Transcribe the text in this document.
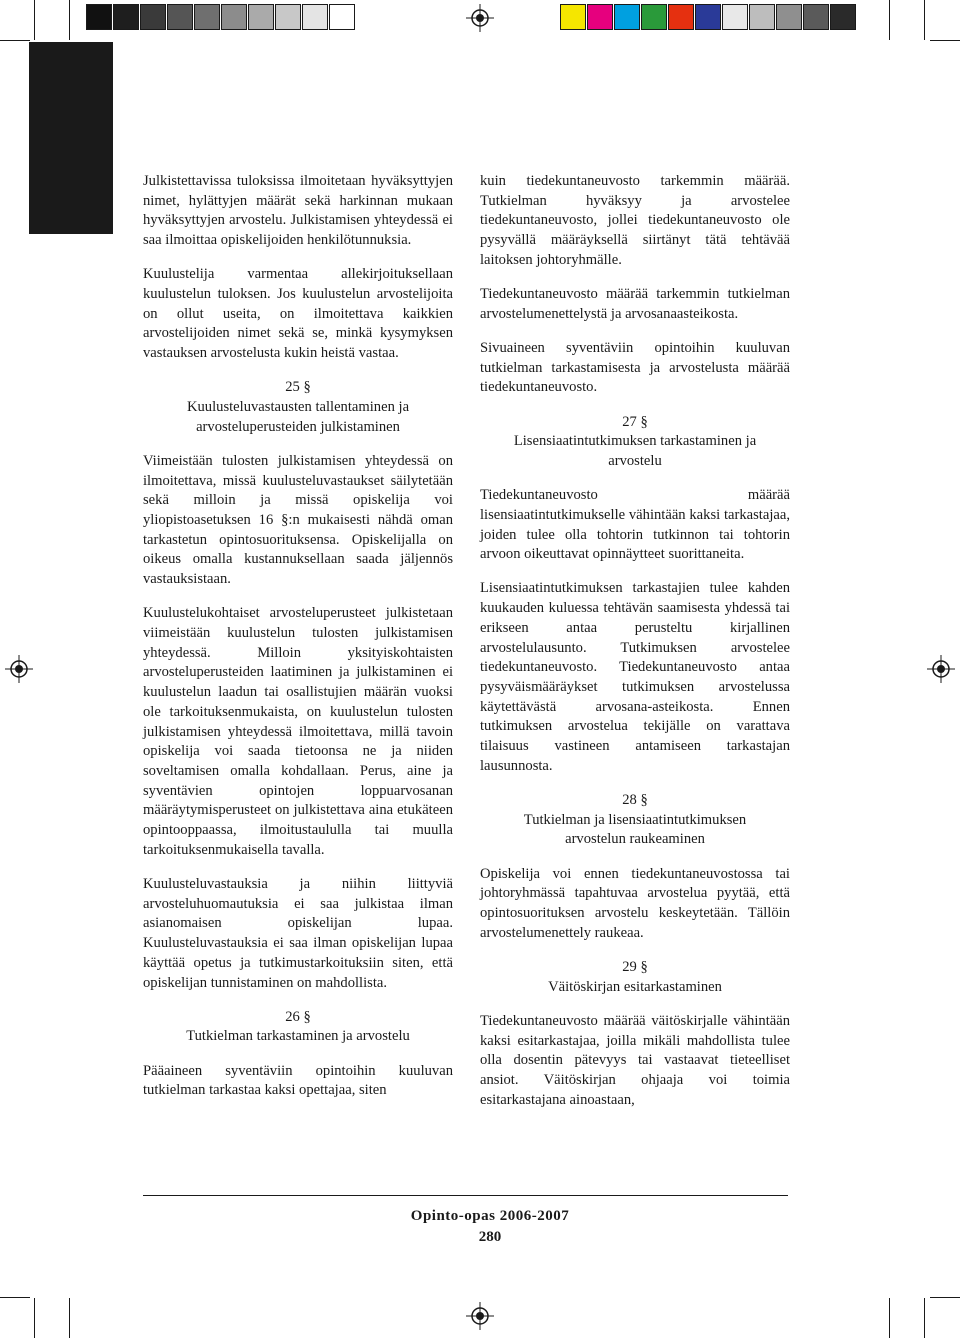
Julkistettavissa tuloksissa ilmoitetaan hyväksyttyjen nimet, hylättyjen määrät sekä harkinnan mukaan hyväksyttyjen arvostelu. Julkistamisen yhteydessä ei saa ilmoittaa opiskelijoiden henkilötunnuksia.

Kuulustelija varmentaa allekirjoituksellaan kuulustelun tuloksen. Jos kuulustelun arvostelijoita on ollut useita, on ilmoitettava kaikkien arvostelijoiden nimet sekä se, minkä kysymyksen vastauksen arvostelusta kukin heistä vastaa.

25 §
Kuulusteluvastausten tallentaminen ja
arvosteluperusteiden julkistaminen

Viimeistään tulosten julkistamisen yhteydessä on ilmoitettava, missä kuulusteluvastaukset säilytetään sekä milloin ja missä opiskelija voi yliopistoasetuksen 16 §:n mukaisesti nähdä oman tarkastetun opintosuorituksensa. Opiskelijalla on oikeus omalla kustannuksellaan saada jäljennös vastauksistaan.

Kuulustelukohtaiset arvosteluperusteet julkistetaan viimeistään kuulustelun tulosten julkistamisen yhteydessä. Milloin yksityiskohtaisten arvosteluperusteiden laatiminen ja julkistaminen ei kuulustelun laadun tai osallistujien määrän vuoksi ole tarkoituksenmukaista, on kuulustelun tulosten julkistamisen yhteydessä ilmoitettava, millä tavoin opiskelija voi saada tietoonsa ne ja niiden soveltamisen omalla kohdallaan. Perus, aine ja syventävien opintojen loppuarvosanan määräytymisperusteet on julkistettava aina etukäteen opintooppaassa, ilmoitustaululla tai muulla tarkoituksenmukaisella tavalla.

Kuulusteluvastauksia ja niihin liittyviä arvosteluhuomautuksia ei saa julkistaa ilman asianomaisen opiskelijan lupaa. Kuulusteluvastauksia ei saa ilman opiskelijan lupaa käyttää opetus ja tutkimustarkoituksiin siten, että opiskelijan tunnistaminen on mahdollista.

26 §
Tutkielman tarkastaminen ja arvostelu

Pääaineen syventäviin opintoihin kuuluvan tutkielman tarkastaa kaksi opettajaa, siten

kuin tiedekuntaneuvosto tarkemmin määrää. Tutkielman hyväksyy ja arvostelee tiedekuntaneuvosto, jollei tiedekuntaneuvosto ole pysyvällä määräyksellä siirtänyt tätä tehtävää laitoksen johtoryhmälle.

Tiedekuntaneuvosto määrää tarkemmin tutkielman arvostelumenettelystä ja arvosanaasteikosta.

Sivuaineen syventäviin opintoihin kuuluvan tutkielman tarkastamisesta ja arvostelusta määrää tiedekuntaneuvosto.

27 §
Lisensiaatintutkimuksen tarkastaminen ja
arvostelu

Tiedekuntaneuvosto määrää lisensiaatintutkimukselle vähintään kaksi tarkastajaa, joiden tulee olla tohtorin tutkinnon tai tohtorin arvoon oikeuttavat opinnäytteet suorittaneita.

Lisensiaatintutkimuksen tarkastajien tulee kahden kuukauden kuluessa tehtävän saamisesta yhdessä tai erikseen antaa perusteltu kirjallinen arvostelulausunto. Tutkimuksen arvostelee tiedekuntaneuvosto. Tiedekuntaneuvosto antaa pysyväismääräykset tutkimuksen arvostelussa käytettävästä arvosana-asteikosta. Ennen tutkimuksen arvostelua tekijälle on varattava tilaisuus vastineen antamiseen tarkastajan lausunnosta.

28 §
Tutkielman ja lisensiaatintutkimuksen
arvostelun raukeaminen

Opiskelija voi ennen tiedekuntaneuvostossa tai johtoryhmässä tapahtuvaa arvostelua pyytää, että opintosuorituksen arvostelu keskeytetään. Tällöin arvostelumenettely raukeaa.

29 §
Väitöskirjan esitarkastaminen

Tiedekuntaneuvosto määrää väitöskirjalle vähintään kaksi esitarkastajaa, joilla mikäli mahdollista tulee olla dosentin pätevyys tai vastaavat tieteelliset ansiot. Väitöskirjan ohjaaja voi toimia esitarkastajana ainoastaan,

Opinto-opas 2006-2007
280
